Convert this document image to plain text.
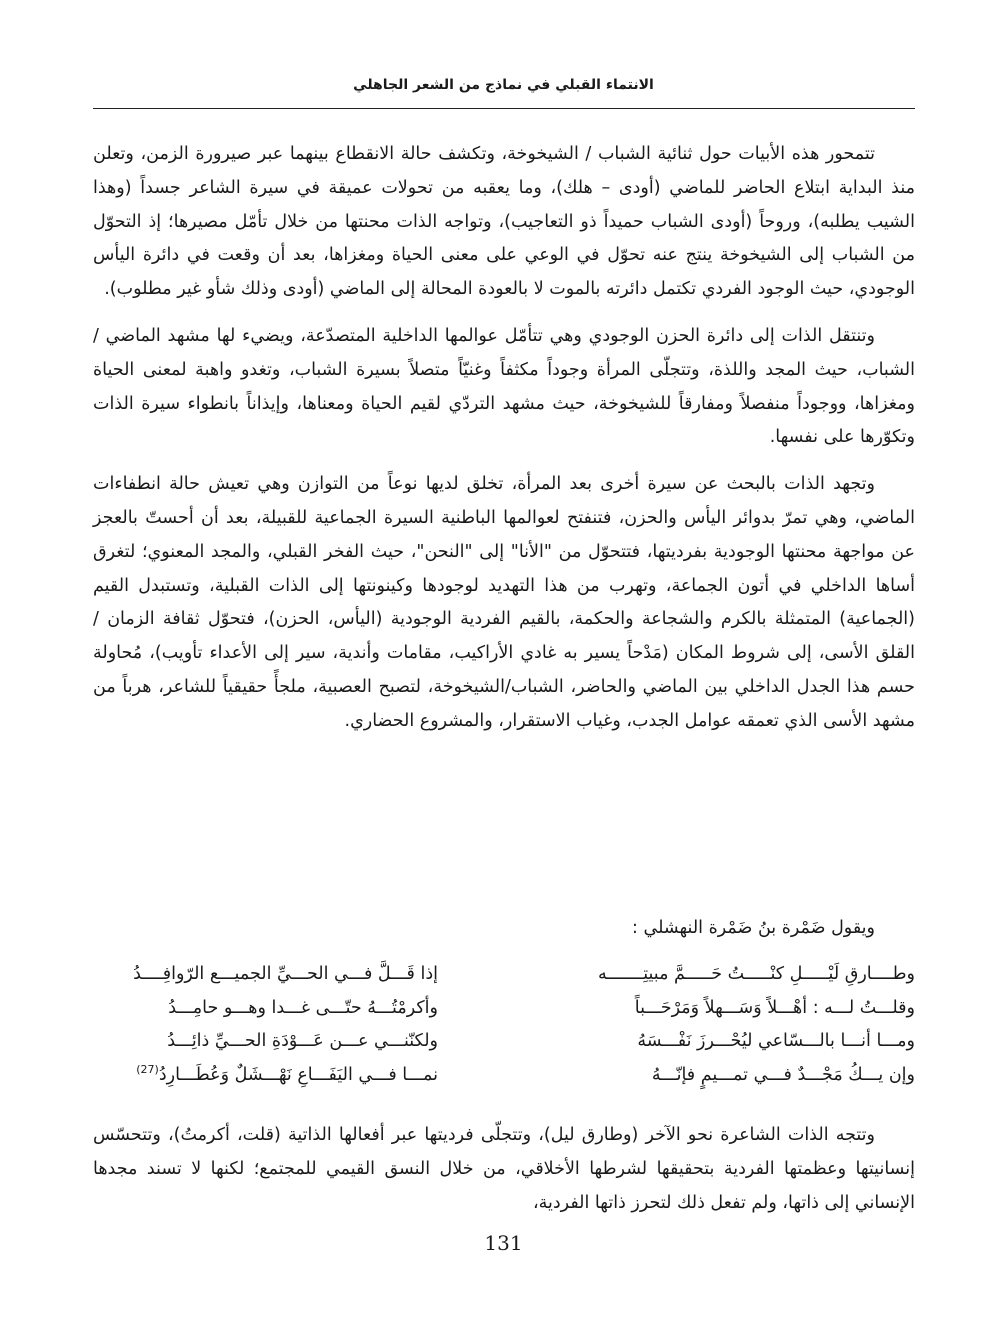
الانتماء القبلي في نماذج من الشعر الجاهلي

تتمحور هذه الأبيات حول ثنائية الشباب / الشيخوخة، وتكشف حالة الانقطاع بينهما عبر صيرورة الزمن، وتعلن منذ البداية ابتلاع الحاضر للماضي (أودى – هلك)، وما يعقبه من تحولات عميقة في سيرة الشاعر جسداً (وهذا الشيب يطلبه)، وروحاً (أودى الشباب حميداً ذو التعاجيب)، وتواجه الذات محنتها من خلال تأمّل مصيرها؛ إذ التحوّل من الشباب إلى الشيخوخة ينتج عنه تحوّل في الوعي على معنى الحياة ومغزاها، بعد أن وقعت في دائرة اليأس الوجودي، حيث الوجود الفردي تكتمل دائرته بالموت لا بالعودة المحالة إلى الماضي (أودى وذلك شأو غير مطلوب).

وتنتقل الذات إلى دائرة الحزن الوجودي وهي تتأمّل عوالمها الداخلية المتصدّعة، ويضيء لها مشهد الماضي / الشباب، حيث المجد واللذة، وتتجلّى المرأة وجوداً مكثفاً وغنيّاً متصلاً بسيرة الشباب، وتغدو واهبة لمعنى الحياة ومغزاها، ووجوداً منفصلاً ومفارقاً للشيخوخة، حيث مشهد التردّي لقيم الحياة ومعناها، وإيذاناً بانطواء سيرة الذات وتكوّرها على نفسها.

وتجهد الذات بالبحث عن سيرة أخرى بعد المرأة، تخلق لديها نوعاً من التوازن وهي تعيش حالة انطفاءات الماضي، وهي تمرّ بدوائر اليأس والحزن، فتنفتح لعوالمها الباطنية السيرة الجماعية للقبيلة، بعد أن أحستّ بالعجز عن مواجهة محنتها الوجودية بفرديتها، فتتحوّل من "الأنا" إلى "النحن"، حيث الفخر القبلي، والمجد المعنوي؛ لتغرق أساها الداخلي في أتون الجماعة، وتهرب من هذا التهديد لوجودها وكينونتها إلى الذات القبلية، وتستبدل القيم (الجماعية) المتمثلة بالكرم والشجاعة والحكمة، بالقيم الفردية الوجودية (اليأس، الحزن)، فتحوّل ثقافة الزمان / القلق الأسى، إلى شروط المكان (مَدْحاً يسير به غادي الأراكيب، مقامات وأندية، سير إلى الأعداء تأويب)، مُحاولة حسم هذا الجدل الداخلي بين الماضي والحاضر، الشباب/الشيخوخة، لتصبح العصبية، ملجأً حقيقياً للشاعر، هرباً من مشهد الأسى الذي تعمقه عوامل الجدب، وغياب الاستقرار، والمشروع الحضاري.

ويقول ضَمْرة بنُ ضَمْرة النهشلي :

وطــــارقِ لَيْـــــلِ كنْـــــتُ حَـــــمَّ مبيتِـــــــه
إذا قَـــلَّ فـــي الحـــيِّ الجميـــع الرّوافِــــدُ
وقلـــتُ لـــه : أهْـــلاً وَسَـــهلاً وَمَرْحَـــباً
وأكرمْتُـــهُ حتّـــى غـــدا وهـــو حامِـــدُ
ومـــا أنـــا بالـــسّاعي ليُحْـــرزَ نَفْـــسَهُ
ولكنّنـــي عـــن عَـــوْدَةِ الحـــيِّ ذائِـــدُ
وإن يـــكُ مَجْـــدٌ فـــي تمـــيمٍ فإنّـــهُ
نمـــا فـــي اليَفَـــاعِ نَهْـــشَلٌ وَعُطَـــارِدُ$^{(27)}$

وتتجه الذات الشاعرة نحو الآخر (وطارق ليل)، وتتجلّى فرديتها عبر أفعالها الذاتية (قلت، أكرمتُ)، وتتحسّس إنسانيتها وعظمتها الفردية بتحقيقها لشرطها الأخلاقي، من خلال النسق القيمي للمجتمع؛ لكنها لا تسند مجدها الإنساني إلى ذاتها، ولم تفعل ذلك لتحرز ذاتها الفردية،

131
